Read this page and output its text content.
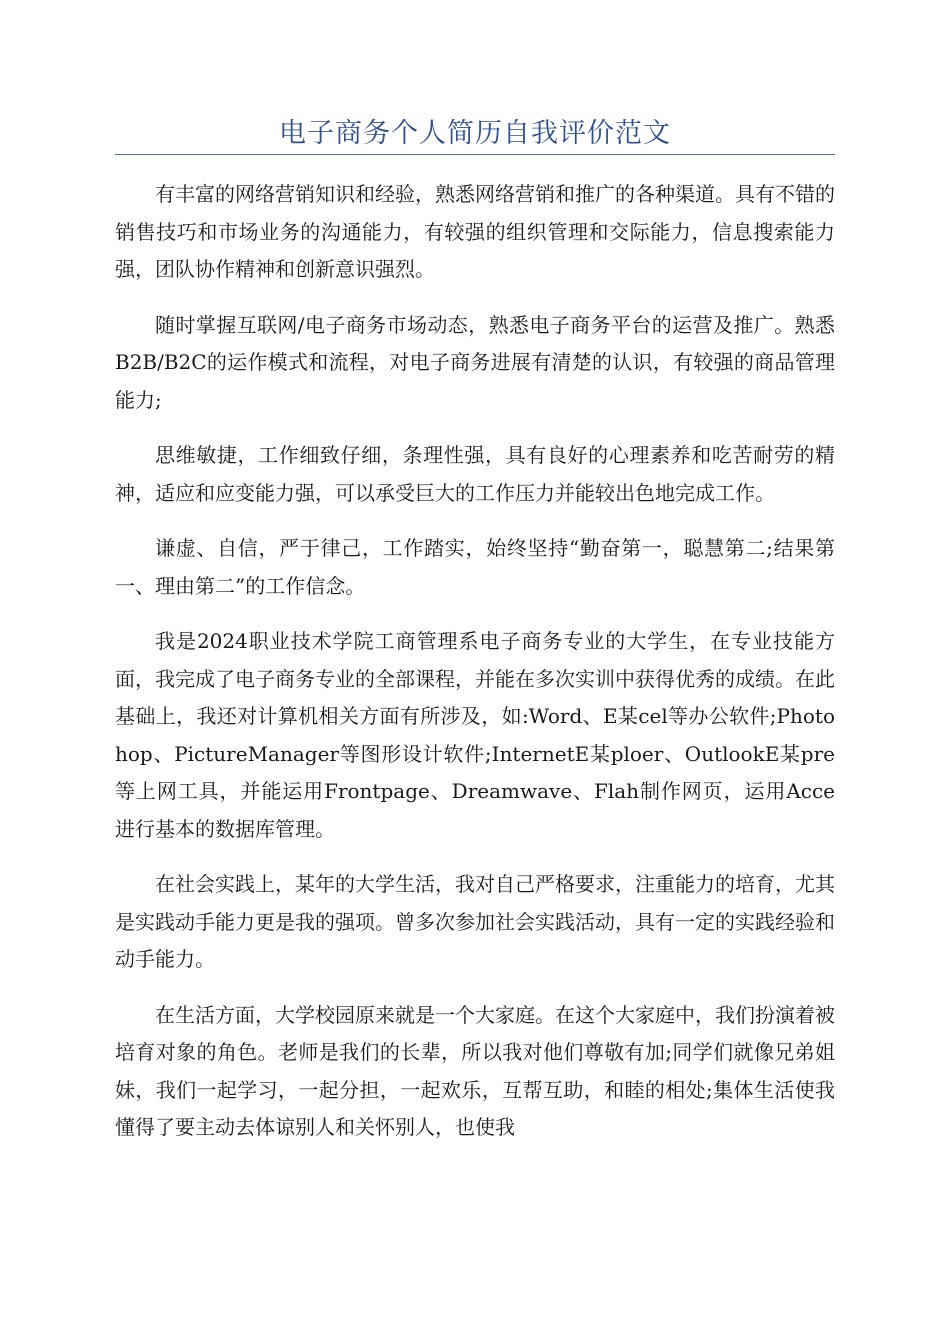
电子商务个人简历自我评价范文

有丰富的网络营销知识和经验，熟悉网络营销和推广的各种渠道。具有不错的销售技巧和市场业务的沟通能力，有较强的组织管理和交际能力，信息搜索能力强，团队协作精神和创新意识强烈。

随时掌握互联网/电子商务市场动态，熟悉电子商务平台的运营及推广。熟悉B2B/B2C的运作模式和流程，对电子商务进展有清楚的认识，有较强的商品管理能力;

思维敏捷，工作细致仔细，条理性强，具有良好的心理素养和吃苦耐劳的精神，适应和应变能力强，可以承受巨大的工作压力并能较出色地完成工作。

谦虚、自信，严于律己，工作踏实，始终坚持“勤奋第一，聪慧第二;结果第一、理由第二”的工作信念。

我是2024职业技术学院工商管理系电子商务专业的大学生，在专业技能方面，我完成了电子商务专业的全部课程，并能在多次实训中获得优秀的成绩。在此基础上，我还对计算机相关方面有所涉及，如:Word、E某cel等办公软件;Photohop、PictureManager等图形设计软件;InternetE某ploer、OutlookE某pre等上网工具，并能运用Frontpage、Dreamwave、Flah制作网页，运用Acce进行基本的数据库管理。

在社会实践上，某年的大学生活，我对自己严格要求，注重能力的培育，尤其是实践动手能力更是我的强项。曾多次参加社会实践活动，具有一定的实践经验和动手能力。

在生活方面，大学校园原来就是一个大家庭。在这个大家庭中，我们扮演着被培育对象的角色。老师是我们的长辈，所以我对他们尊敬有加;同学们就像兄弟姐妹，我们一起学习，一起分担，一起欢乐，互帮互助，和睦的相处;集体生活使我懂得了要主动去体谅别人和关怀别人，也使我
